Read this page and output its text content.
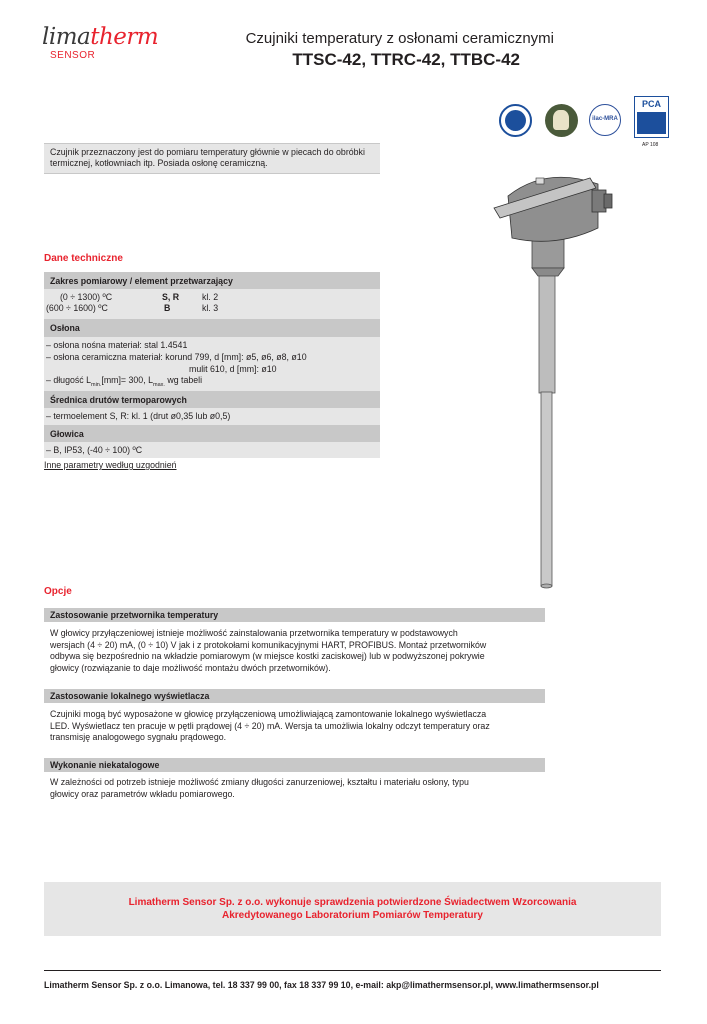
limatherm
SENSOR
Czujniki temperatury z osłonami ceramicznymi
TTSC-42, TTRC-42, TTBC-42
ilac-MRA
PCA
AP 108

Czujnik przeznaczony jest do pomiaru temperatury głównie w piecach do obróbki termicznej, kotłowniach itp. Posiada osłonę ceramiczną.

Dane techniczne
Zakres pomiarowy / element przetwarzający
(0 ÷ 1300) ºC	S, R	kl. 2
(600 ÷ 1600) ºC	B	kl. 3
Osłona
– osłona nośna materiał: stal 1.4541
– osłona ceramiczna materiał: korund 799, d [mm]: ø5, ø6, ø8, ø10
mulit 610, d [mm]: ø10
– długość $L_{min.}[mm]= 300$, $L_{max.}$ wg tabeli
Średnica drutów termoparowych
– termoelement S, R: kl. 1 (drut ø0,35 lub ø0,5)
Głowica
– B, IP53, (-40 ÷ 100) ºC
Inne parametry według uzgodnień
Opcje
Zastosowanie przetwornika temperatury

W głowicy przyłączeniowej istnieje możliwość zainstalowania przetwornika temperatury w podstawowych

wersjach (4 ÷ 20) mA, (0 ÷ 10) V jak i z protokołami komunikacyjnymi HART, PROFIBUS. Montaż przetworników

odbywa się bezpośrednio na wkładzie pomiarowym (w miejsce kostki zaciskowej) lub w podwyższonej pokrywie

głowicy (rozwiązanie to daje możliwość montażu dwóch przetworników).

Zastosowanie lokalnego wyświetlacza

Czujniki mogą być wyposażone w głowicę przyłączeniową umożliwiającą zamontowanie lokalnego wyświetlacza

LED. Wyświetlacz ten pracuje w pętli prądowej (4 ÷ 20) mA. Wersja ta umożliwia lokalny odczyt temperatury oraz

transmisję analogowego sygnału prądowego.

Wykonanie niekatalogowe

W zależności od potrzeb istnieje możliwość zmiany długości zanurzeniowej, kształtu i materiału osłony, typu

głowicy oraz parametrów wkładu pomiarowego.

Limatherm Sensor Sp. z o.o. wykonuje sprawdzenia potwierdzone Świadectwem Wzorcowania
Akredytowanego Laboratorium Pomiarów Temperatury
Limatherm Sensor Sp. z o.o. Limanowa, tel. 18 337 99 00, fax 18 337 99 10, e-mail: akp@limathermsensor.pl, www.limathermsensor.pl
